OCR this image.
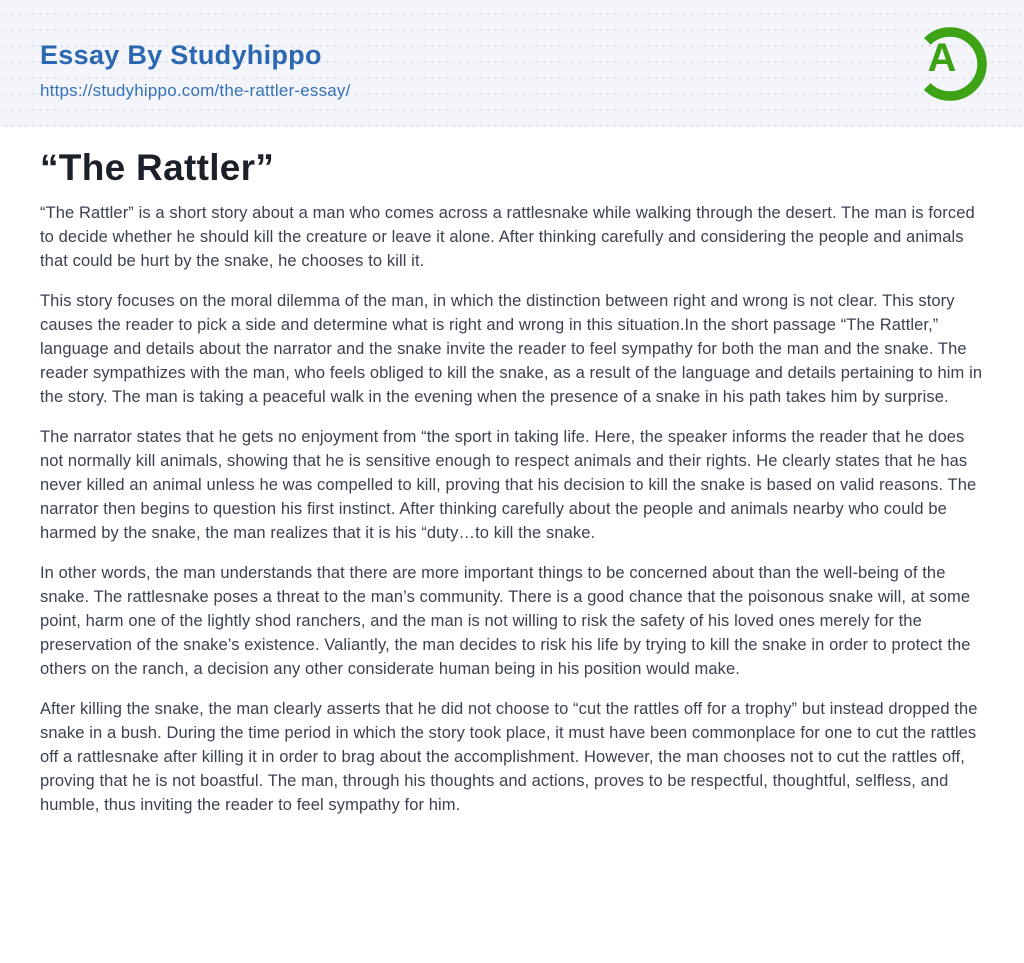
Essay By Studyhippo
https://studyhippo.com/the-rattler-essay/
A
“The Rattler”

“The Rattler” is a short story about a man who comes across a rattlesnake while walking through the desert. The man is forced to decide whether he should kill the creature or leave it alone. After thinking carefully and considering the people and animals that could be hurt by the snake, he chooses to kill it.

This story focuses on the moral dilemma of the man, in which the distinction between right and wrong is not clear. This story causes the reader to pick a side and determine what is right and wrong in this situation.In the short passage “The Rattler,” language and details about the narrator and the snake invite the reader to feel sympathy for both the man and the snake. The reader sympathizes with the man, who feels obliged to kill the snake, as a result of the language and details pertaining to him in the story. The man is taking a peaceful walk in the evening when the presence of a snake in his path takes him by surprise.

The narrator states that he gets no enjoyment from “the sport in taking life. Here, the speaker informs the reader that he does not normally kill animals, showing that he is sensitive enough to respect animals and their rights. He clearly states that he has never killed an animal unless he was compelled to kill, proving that his decision to kill the snake is based on valid reasons. The narrator then begins to question his first instinct. After thinking carefully about the people and animals nearby who could be harmed by the snake, the man realizes that it is his “duty…to kill the snake.

In other words, the man understands that there are more important things to be concerned about than the well-being of the snake. The rattlesnake poses a threat to the man’s community. There is a good chance that the poisonous snake will, at some point, harm one of the lightly shod ranchers, and the man is not willing to risk the safety of his loved ones merely for the preservation of the snake’s existence. Valiantly, the man decides to risk his life by trying to kill the snake in order to protect the others on the ranch, a decision any other considerate human being in his position would make.

After killing the snake, the man clearly asserts that he did not choose to “cut the rattles off for a trophy” but instead dropped the snake in a bush. During the time period in which the story took place, it must have been commonplace for one to cut the rattles off a rattlesnake after killing it in order to brag about the accomplishment. However, the man chooses not to cut the rattles off, proving that he is not boastful. The man, through his thoughts and actions, proves to be respectful, thoughtful, selfless, and humble, thus inviting the reader to feel sympathy for him.
